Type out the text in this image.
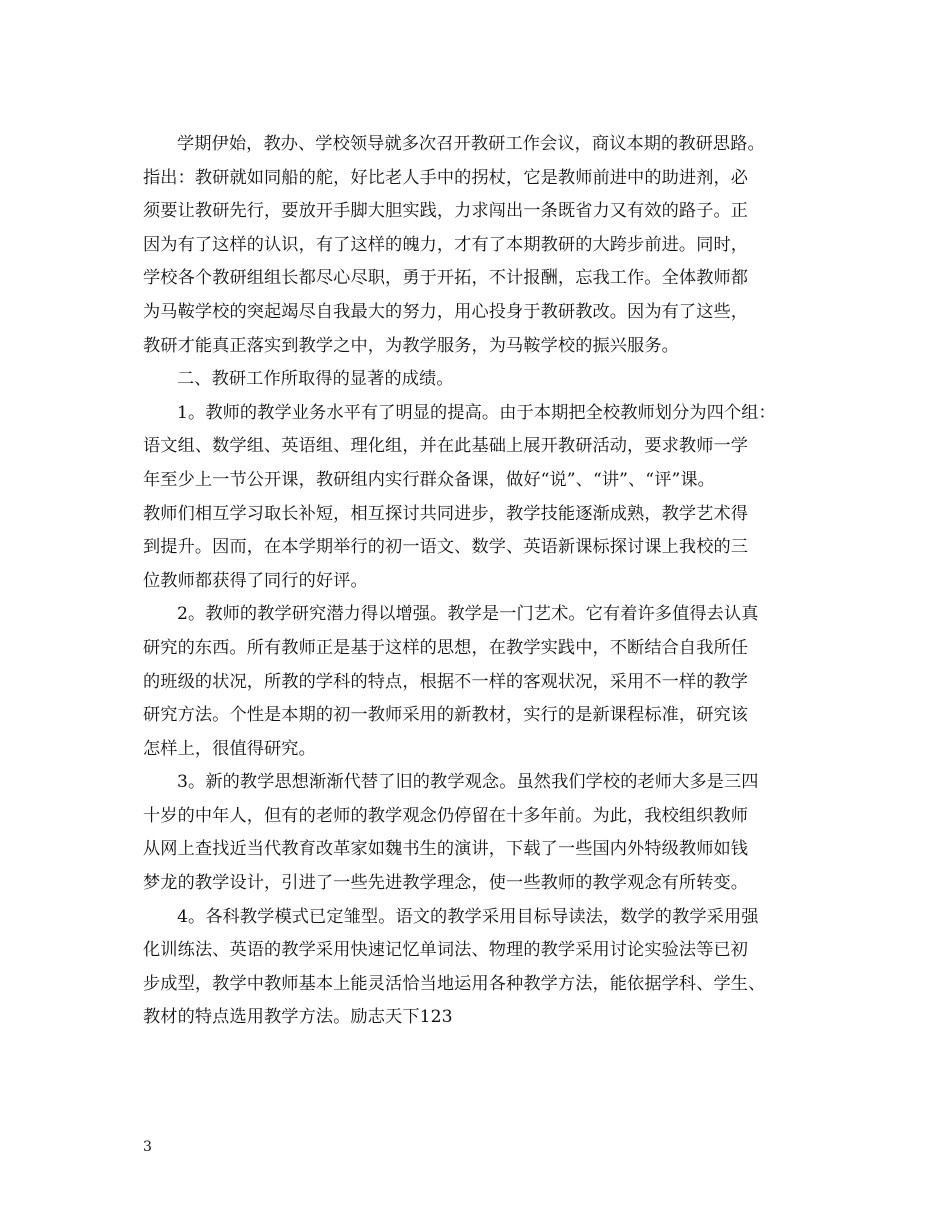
学期伊始，教办、学校领导就多次召开教研工作会议，商议本期的教研思路。
指出：教研就如同船的舵，好比老人手中的拐杖，它是教师前进中的助进剂，必
须要让教研先行，要放开手脚大胆实践，力求闯出一条既省力又有效的路子。正
因为有了这样的认识，有了这样的魄力，才有了本期教研的大跨步前进。同时，
学校各个教研组组长都尽心尽职，勇于开拓，不计报酬，忘我工作。全体教师都
为马鞍学校的突起竭尽自我最大的努力，用心投身于教研教改。因为有了这些，
教研才能真正落实到教学之中，为教学服务，为马鞍学校的振兴服务。
二、教研工作所取得的显著的成绩。
1。教师的教学业务水平有了明显的提高。由于本期把全校教师划分为四个组：
语文组、数学组、英语组、理化组，并在此基础上展开教研活动，要求教师一学
年至少上一节公开课，教研组内实行群众备课，做好“说”、“讲”、“评”课。
教师们相互学习取长补短，相互探讨共同进步，教学技能逐渐成熟，教学艺术得
到提升。因而，在本学期举行的初一语文、数学、英语新课标探讨课上我校的三
位教师都获得了同行的好评。
2。教师的教学研究潜力得以增强。教学是一门艺术。它有着许多值得去认真
研究的东西。所有教师正是基于这样的思想，在教学实践中，不断结合自我所任
的班级的状况，所教的学科的特点，根据不一样的客观状况，采用不一样的教学
研究方法。个性是本期的初一教师采用的新教材，实行的是新课程标准，研究该
怎样上，很值得研究。
3。新的教学思想渐渐代替了旧的教学观念。虽然我们学校的老师大多是三四
十岁的中年人，但有的老师的教学观念仍停留在十多年前。为此，我校组织教师
从网上查找近当代教育改革家如魏书生的演讲，下载了一些国内外特级教师如钱
梦龙的教学设计，引进了一些先进教学理念，使一些教师的教学观念有所转变。
4。各科教学模式已定雏型。语文的教学采用目标导读法，数学的教学采用强
化训练法、英语的教学采用快速记忆单词法、物理的教学采用讨论实验法等已初
步成型，教学中教师基本上能灵活恰当地运用各种教学方法，能依据学科、学生、
教材的特点选用教学方法。励志天下123
3
